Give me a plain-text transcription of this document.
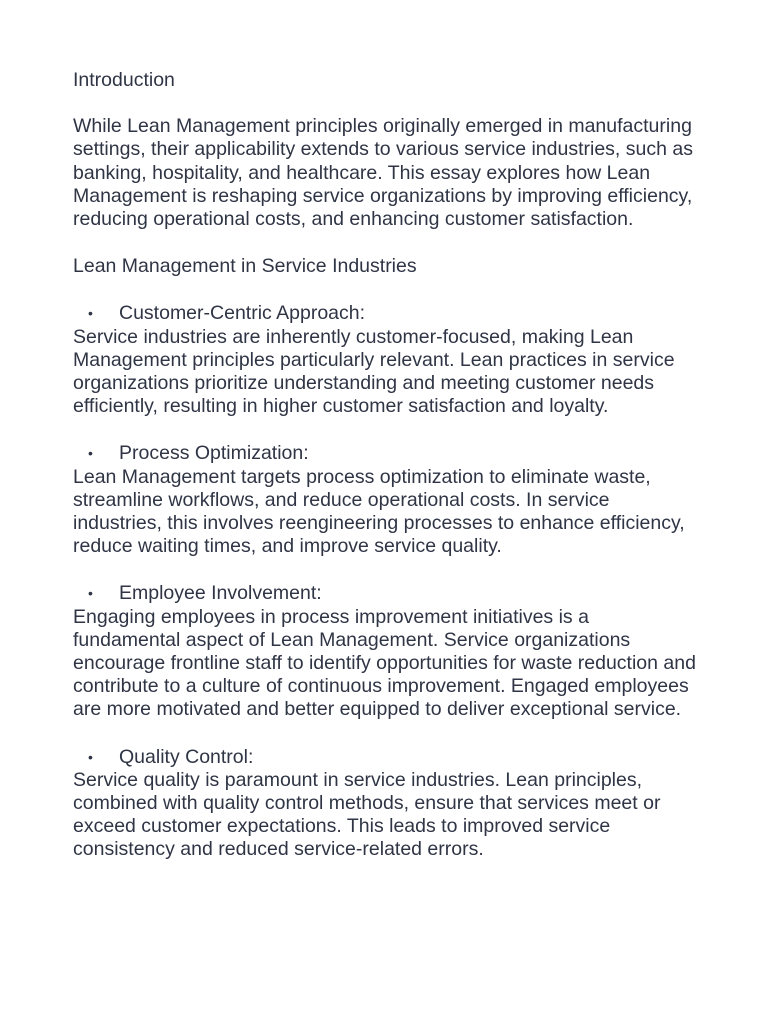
Introduction

While Lean Management principles originally emerged in manufacturing settings, their applicability extends to various service industries, such as banking, hospitality, and healthcare. This essay explores how Lean Management is reshaping service organizations by improving efficiency, reducing operational costs, and enhancing customer satisfaction.

Lean Management in Service Industries
• Customer-Centric Approach:

Service industries are inherently customer-focused, making Lean Management principles particularly relevant. Lean practices in service organizations prioritize understanding and meeting customer needs efficiently, resulting in higher customer satisfaction and loyalty.

• Process Optimization:

Lean Management targets process optimization to eliminate waste, streamline workflows, and reduce operational costs. In service industries, this involves reengineering processes to enhance efficiency, reduce waiting times, and improve service quality.

• Employee Involvement:

Engaging employees in process improvement initiatives is a fundamental aspect of Lean Management. Service organizations encourage frontline staff to identify opportunities for waste reduction and contribute to a culture of continuous improvement. Engaged employees are more motivated and better equipped to deliver exceptional service.

• Quality Control:

Service quality is paramount in service industries. Lean principles, combined with quality control methods, ensure that services meet or exceed customer expectations. This leads to improved service consistency and reduced service-related errors.
